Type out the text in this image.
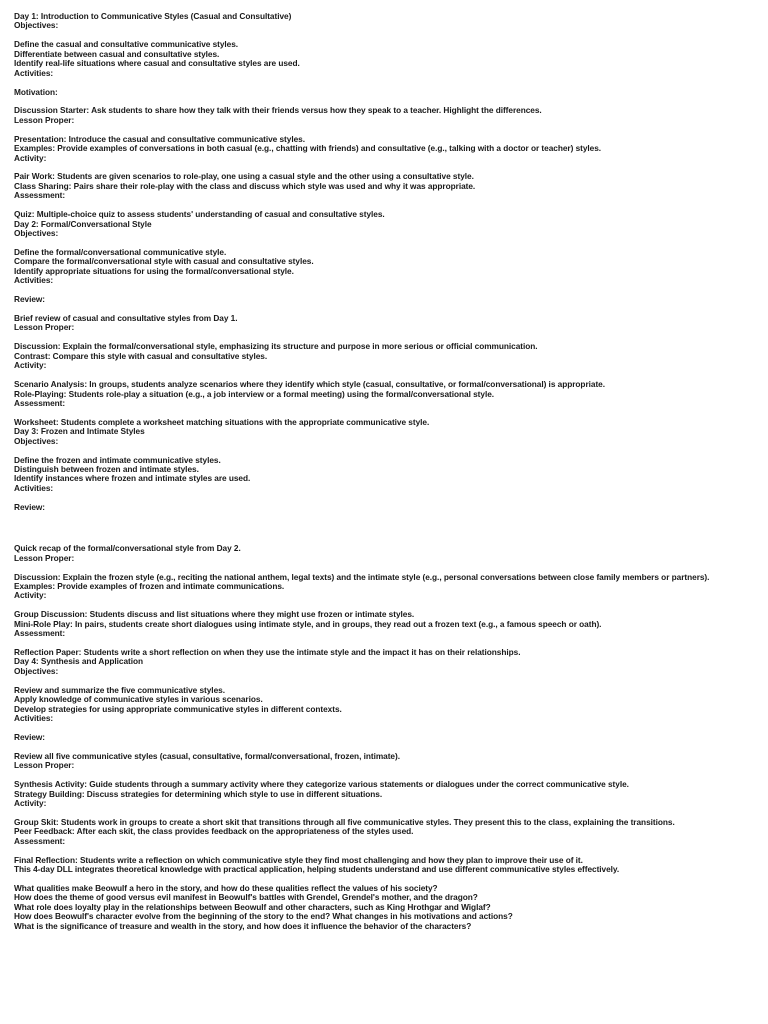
Day 1: Introduction to Communicative Styles (Casual and Consultative)
Objectives:
Define the casual and consultative communicative styles.
Differentiate between casual and consultative styles.
Identify real-life situations where casual and consultative styles are used.
Activities:
Motivation:
Discussion Starter: Ask students to share how they talk with their friends versus how they speak to a teacher. Highlight the differences.
Lesson Proper:
Presentation: Introduce the casual and consultative communicative styles.
Examples: Provide examples of conversations in both casual (e.g., chatting with friends) and consultative (e.g., talking with a doctor or teacher) styles.
Activity:
Pair Work: Students are given scenarios to role-play, one using a casual style and the other using a consultative style.
Class Sharing: Pairs share their role-play with the class and discuss which style was used and why it was appropriate.
Assessment:
Quiz: Multiple-choice quiz to assess students' understanding of casual and consultative styles.
Day 2: Formal/Conversational Style
Objectives:
Define the formal/conversational communicative style.
Compare the formal/conversational style with casual and consultative styles.
Identify appropriate situations for using the formal/conversational style.
Activities:
Review:
Brief review of casual and consultative styles from Day 1.
Lesson Proper:
Discussion: Explain the formal/conversational style, emphasizing its structure and purpose in more serious or official communication.
Contrast: Compare this style with casual and consultative styles.
Activity:
Scenario Analysis: In groups, students analyze scenarios where they identify which style (casual, consultative, or formal/conversational) is appropriate.
Role-Playing: Students role-play a situation (e.g., a job interview or a formal meeting) using the formal/conversational style.
Assessment:
Worksheet: Students complete a worksheet matching situations with the appropriate communicative style.
Day 3: Frozen and Intimate Styles
Objectives:
Define the frozen and intimate communicative styles.
Distinguish between frozen and intimate styles.
Identify instances where frozen and intimate styles are used.
Activities:
Review:
Quick recap of the formal/conversational style from Day 2.
Lesson Proper:
Discussion: Explain the frozen style (e.g., reciting the national anthem, legal texts) and the intimate style (e.g., personal conversations between close family members or partners).
Examples: Provide examples of frozen and intimate communications.
Activity:
Group Discussion: Students discuss and list situations where they might use frozen or intimate styles.
Mini-Role Play: In pairs, students create short dialogues using intimate style, and in groups, they read out a frozen text (e.g., a famous speech or oath).
Assessment:
Reflection Paper: Students write a short reflection on when they use the intimate style and the impact it has on their relationships.
Day 4: Synthesis and Application
Objectives:
Review and summarize the five communicative styles.
Apply knowledge of communicative styles in various scenarios.
Develop strategies for using appropriate communicative styles in different contexts.
Activities:
Review:
Review all five communicative styles (casual, consultative, formal/conversational, frozen, intimate).
Lesson Proper:
Synthesis Activity: Guide students through a summary activity where they categorize various statements or dialogues under the correct communicative style.
Strategy Building: Discuss strategies for determining which style to use in different situations.
Activity:
Group Skit: Students work in groups to create a short skit that transitions through all five communicative styles. They present this to the class, explaining the transitions.
Peer Feedback: After each skit, the class provides feedback on the appropriateness of the styles used.
Assessment:
Final Reflection: Students write a reflection on which communicative style they find most challenging and how they plan to improve their use of it.
This 4-day DLL integrates theoretical knowledge with practical application, helping students understand and use different communicative styles effectively.
What qualities make Beowulf a hero in the story, and how do these qualities reflect the values of his society?
How does the theme of good versus evil manifest in Beowulf's battles with Grendel, Grendel's mother, and the dragon?
What role does loyalty play in the relationships between Beowulf and other characters, such as King Hrothgar and Wiglaf?
How does Beowulf's character evolve from the beginning of the story to the end? What changes in his motivations and actions?
What is the significance of treasure and wealth in the story, and how does it influence the behavior of the characters?
